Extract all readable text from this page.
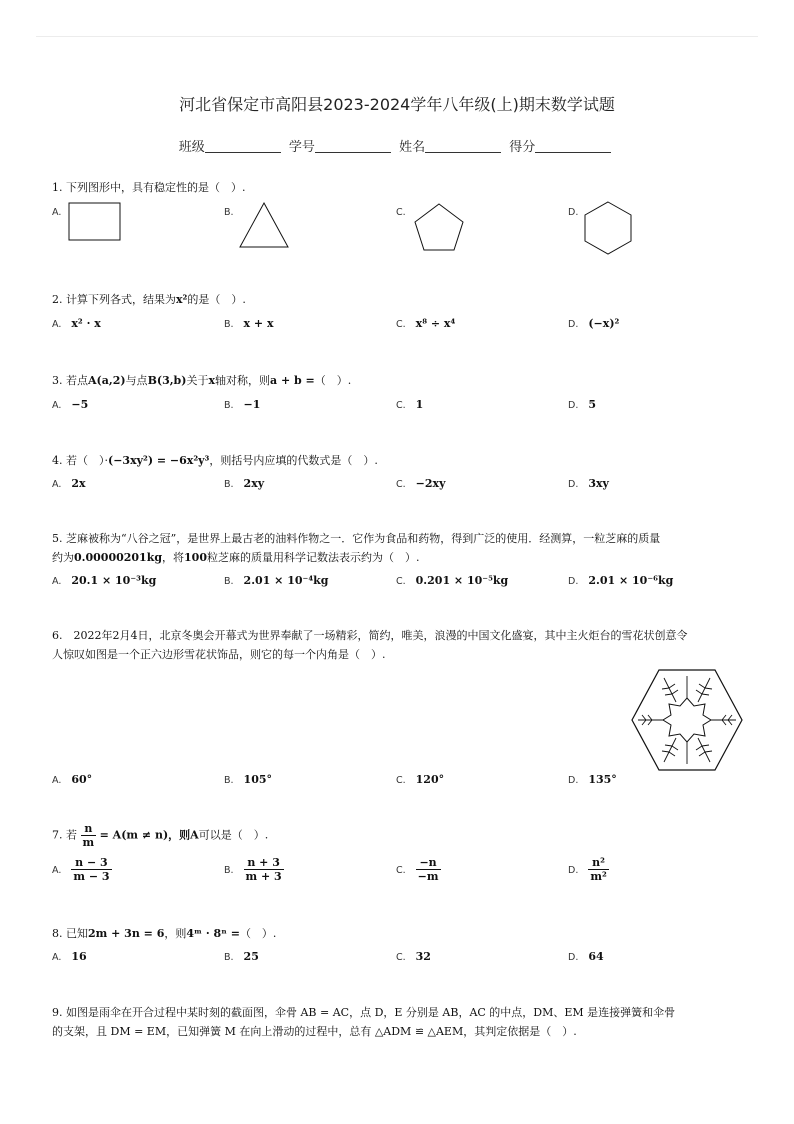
河北省保定市高阳县2023-2024学年八年级(上)期末数学试题
班级	学号	姓名	得分
1. 下列图形中，具有稳定性的是（　）.
A.	B.	C.	D.
2. 计算下列各式，结果为x²的是（　）.
A. x² · x	B. x + x	C. x⁸ ÷ x⁴	D. (−x)²
3. 若点A(a,2)与点B(3,b)关于x轴对称，则a + b =（　）.
A. −5	B. −1	C. 1	D. 5
4. 若（　）·(−3xy²) = −6x²y³，则括号内应填的代数式是（　）.
A. 2x	B. 2xy	C. −2xy	D. 3xy
5. 芝麻被称为“八谷之冠”，是世界上最古老的油料作物之一．它作为食品和药物，得到广泛的使用．经测算，一粒芝麻的质量
约为0.00000201kg，将100粒芝麻的质量用科学记数法表示约为（　）.
A. 20.1 × 10⁻³kg	B. 2.01 × 10⁻⁴kg	C. 0.201 × 10⁻⁵kg	D. 2.01 × 10⁻⁶kg
6.　2022年2月4日，北京冬奥会开幕式为世界奉献了一场精彩，简约，唯美，浪漫的中国文化盛宴，其中主火炬台的雪花状创意令
人惊叹如图是一个正六边形雪花状饰品，则它的每一个内角是（　）.
A. 60°	B. 105°	C. 120°	D. 135°
7. 若 $\frac{n}{m} = A(m \ne n)$，则A可以是（　）.
A. $\frac{n - 3}{m - 3}$	B. $\frac{n + 3}{m + 3}$	C. $\frac{-n}{-m}$	D. $\frac{\text{n²}}{\text{m²}}$
8. 已知2m + 3n = 6，则4ᵐ · 8ⁿ =（　）.
A. 16	B. 25	C. 32	D. 64
9. 如图是雨伞在开合过程中某时刻的截面图，伞骨 AB = AC，点 D，E 分别是 AB，AC 的中点，DM、EM 是连接弹簧和伞骨
的支架，且 DM = EM，已知弹簧 M 在向上滑动的过程中，总有 △ADM ≌ △AEM，其判定依据是（　）.
